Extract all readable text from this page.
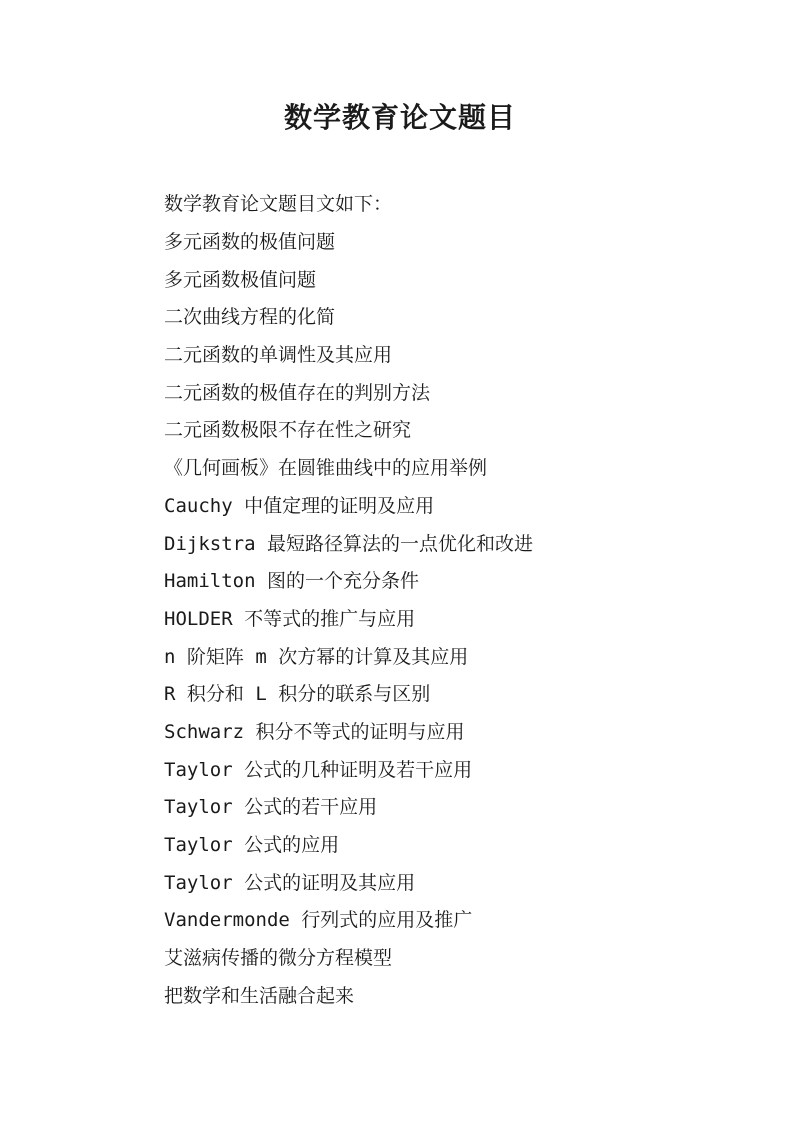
数学教育论文题目

数学教育论文题目文如下：

多元函数的极值问题
多元函数极值问题
二次曲线方程的化简
二元函数的单调性及其应用
二元函数的极值存在的判别方法
二元函数极限不存在性之研究
《几何画板》在圆锥曲线中的应用举例
Cauchy 中值定理的证明及应用
Dijkstra 最短路径算法的一点优化和改进
Hamilton 图的一个充分条件
HOLDER 不等式的推广与应用
n 阶矩阵 m 次方幂的计算及其应用
R 积分和 L 积分的联系与区别
Schwarz 积分不等式的证明与应用
Taylor 公式的几种证明及若干应用
Taylor 公式的若干应用
Taylor 公式的应用
Taylor 公式的证明及其应用
Vandermonde 行列式的应用及推广
艾滋病传播的微分方程模型
把数学和生活融合起来
